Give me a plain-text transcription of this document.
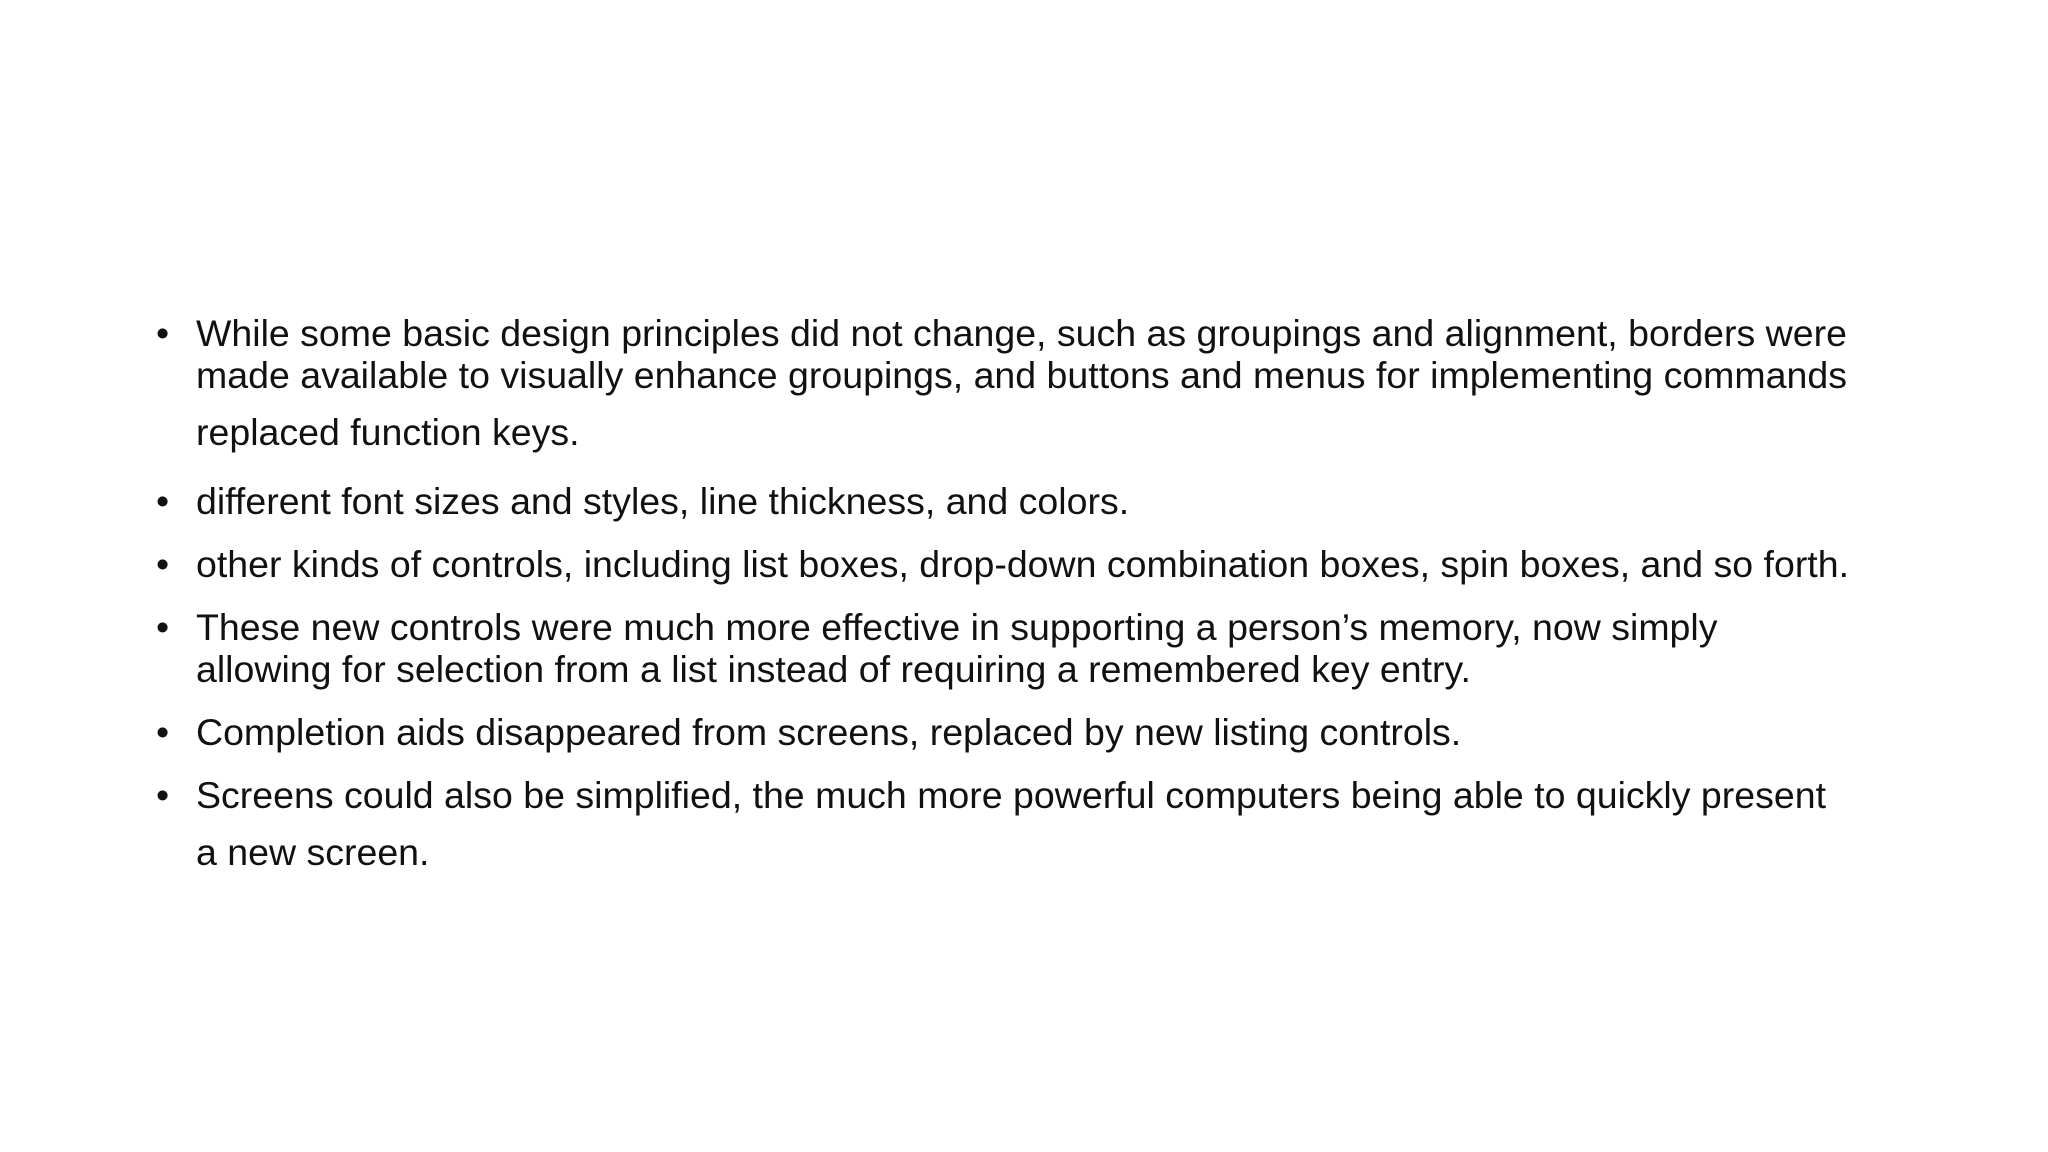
• While some basic design principles did not change, such as groupings and alignment, borders were
made available to visually enhance groupings, and buttons and menus for implementing commands
replaced function keys.
• different font sizes and styles, line thickness, and colors.
• other kinds of controls, including list boxes, drop-down combination boxes, spin boxes, and so forth.
• These new controls were much more effective in supporting a person’s memory, now simply
allowing for selection from a list instead of requiring a remembered key entry.
• Completion aids disappeared from screens, replaced by new listing controls.
• Screens could also be simplified, the much more powerful computers being able to quickly present
a new screen.
